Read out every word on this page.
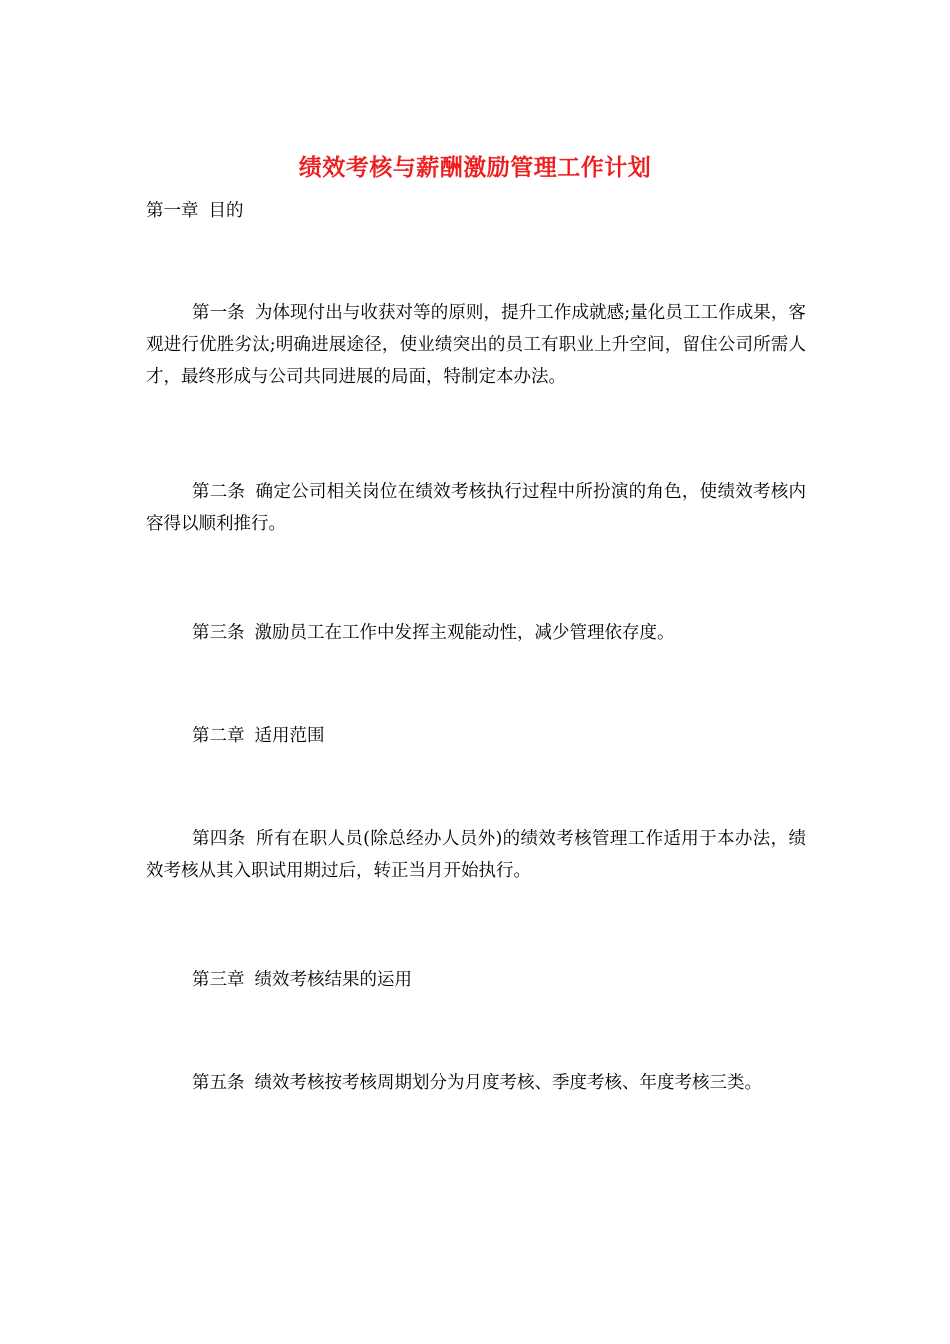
绩效考核与薪酬激励管理工作计划
第一章 目的

第一条 为体现付出与收获对等的原则，提升工作成就感;量化员工工作成果，客观进行优胜劣汰;明确进展途径，使业绩突出的员工有职业上升空间，留住公司所需人才，最终形成与公司共同进展的局面，特制定本办法。

第二条 确定公司相关岗位在绩效考核执行过程中所扮演的角色，使绩效考核内容得以顺利推行。

第三条 激励员工在工作中发挥主观能动性，减少管理依存度。

第二章 适用范围

第四条 所有在职人员(除总经办人员外)的绩效考核管理工作适用于本办法，绩效考核从其入职试用期过后，转正当月开始执行。

第三章 绩效考核结果的运用

第五条 绩效考核按考核周期划分为月度考核、季度考核、年度考核三类。
